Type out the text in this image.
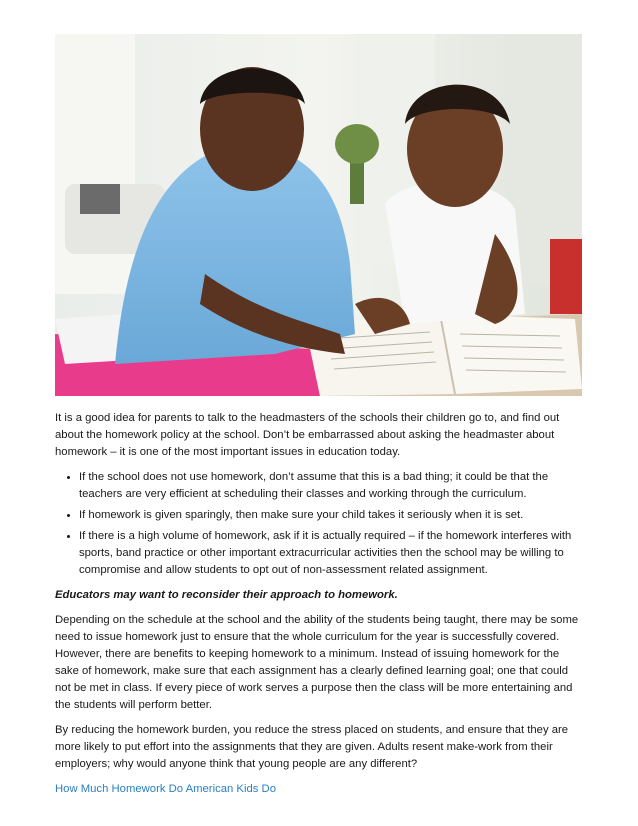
It is a good idea for parents to talk to the headmasters of the schools their children go to, and find out about the homework policy at the school. Don’t be embarrassed about asking the headmaster about homework – it is one of the most important issues in education today.

• If the school does not use homework, don’t assume that this is a bad thing; it could be that the teachers are very efficient at scheduling their classes and working through the curriculum.
• If homework is given sparingly, then make sure your child takes it seriously when it is set.
• If there is a high volume of homework, ask if it is actually required – if the homework interferes with sports, band practice or other important extracurricular activities then the school may be willing to compromise and allow students to opt out of non-assessment related assignment.

Educators may want to reconsider their approach to homework.

Depending on the schedule at the school and the ability of the students being taught, there may be some need to issue homework just to ensure that the whole curriculum for the year is successfully covered. However, there are benefits to keeping homework to a minimum. Instead of issuing homework for the sake of homework, make sure that each assignment has a clearly defined learning goal; one that could not be met in class. If every piece of work serves a purpose then the class will be more entertaining and the students will perform better.

By reducing the homework burden, you reduce the stress placed on students, and ensure that they are more likely to put effort into the assignments that they are given. Adults resent make-work from their employers; why would anyone think that young people are any different?

How Much Homework Do American Kids Do
